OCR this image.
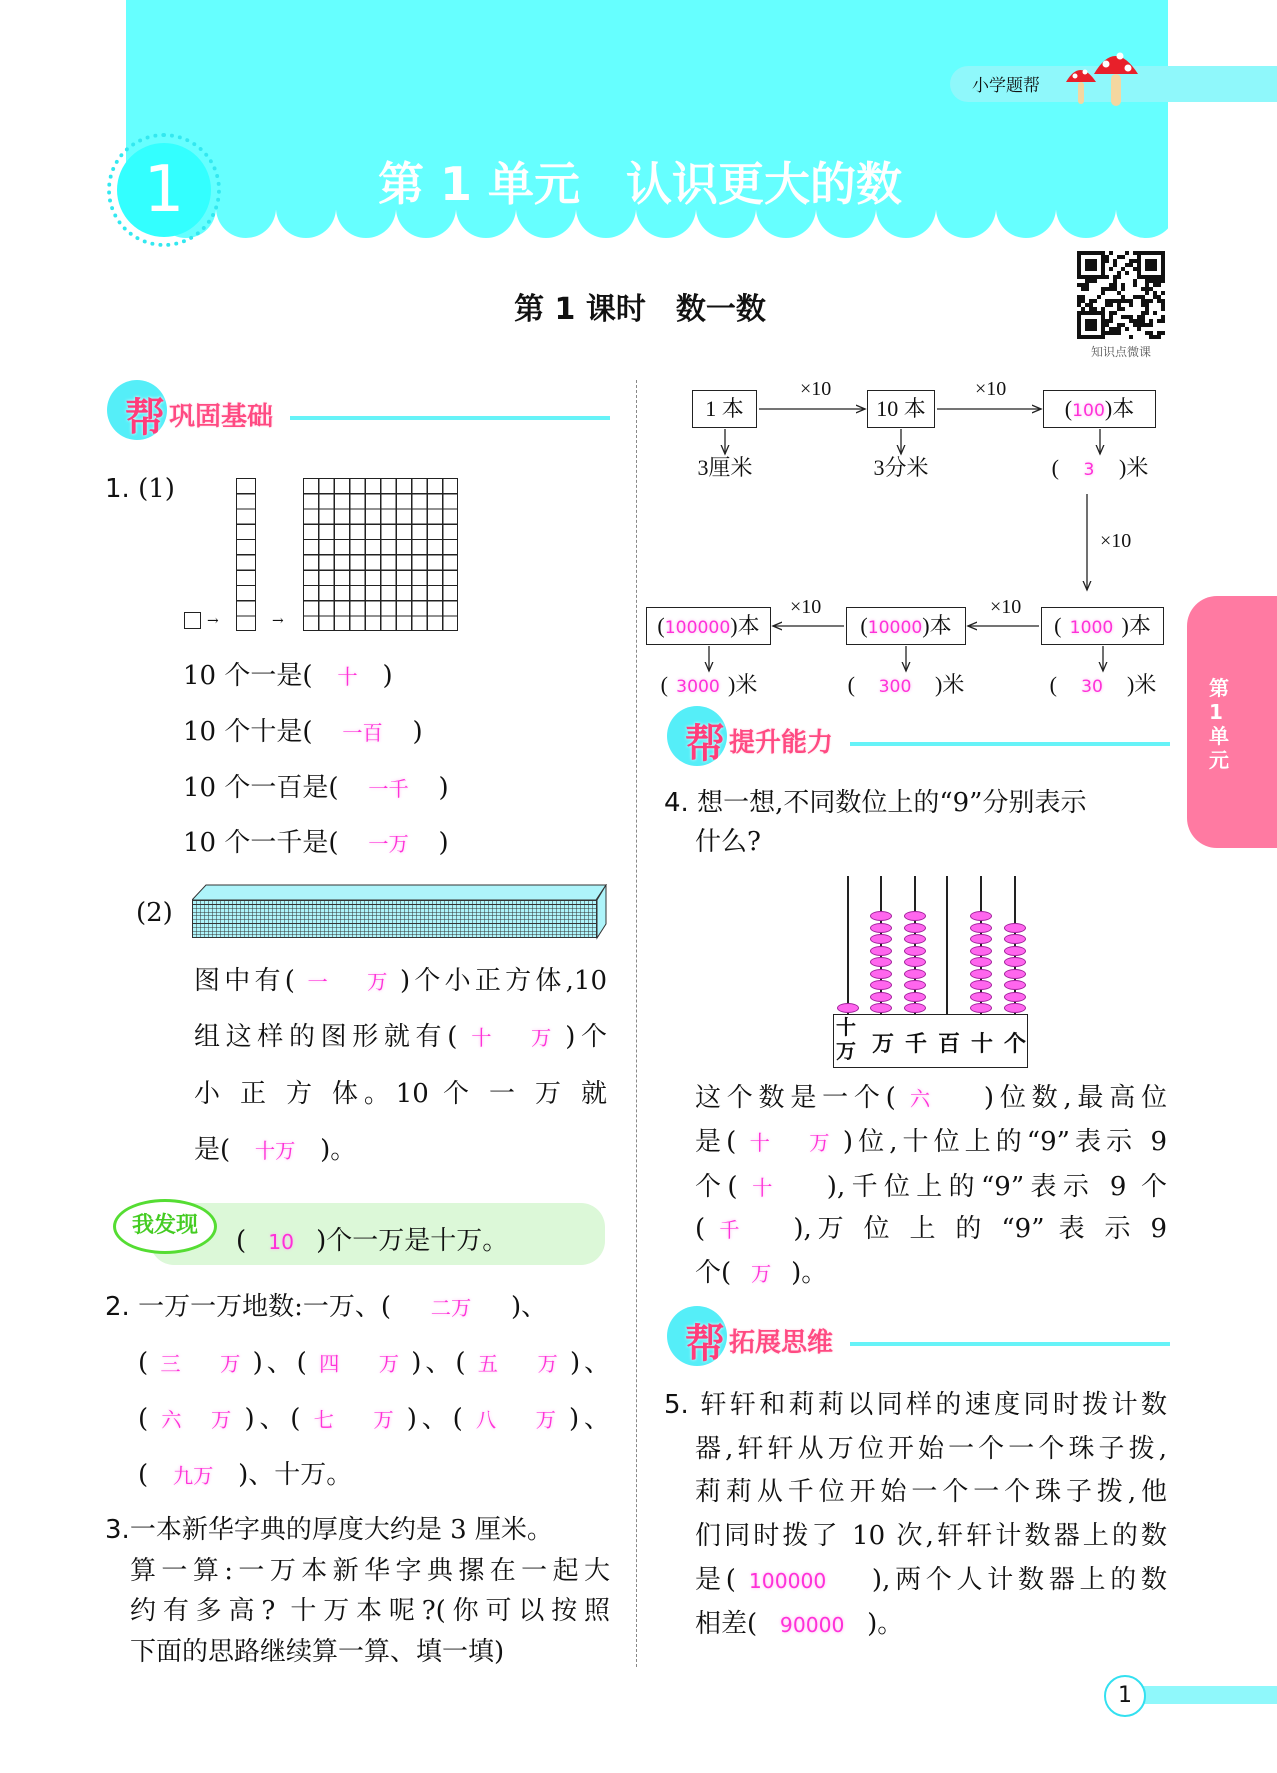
小学题帮
1	第 1 单元　认识更大的数
第 1 课时　数一数
知识点微课
第1单元
帮 巩固基础
1. (1)
→	→
10 个一是( 十 )
10 个十是( 一百 )
10 个一百是( 一千 )
10 个一千是( 一万 )
(2)
图中有( 一万 )个小正方体,10
组这样的图形就有( 十万 )个
小 正 方 体。10 个 一 万 就
是( 十万 )。
我发现
( 10 )个一万是十万。
2. 一万一万地数:一万、( 二万 )、
( 三万 )、( 四万 )、( 五万 )、
( 六万 )、( 七万 )、( 八万 )、
( 九万 )、十万。
3.一本新华字典的厚度大约是 3 厘米。
算一算:一万本新华字典摞在一起大
约有多高? 十万本呢?(你可以按照
下面的思路继续算一算、填一填)
×10	×10
×10
×10
×10
1 本	10 本	(100)本
3厘米	3分米	( 3 )米
(100000)本	(10000)本	( 1000 )本
( 3000 )米	( 300 )米	( 30 )米
帮 提升能力
4. 想一想,不同数位上的“9”分别表示
什么?
十万 万 千 百 十 个
这个数是一个( 六 )位数,最高位
是( 十万 )位,十位上的“9”表示 9
个( 十 ),千位上的“9”表示 9 个
( 千 ),万 位 上 的 “9” 表 示 9
个( 万 )。
帮 拓展思维
5. 轩轩和莉莉以同样的速度同时拨计数
器,轩轩从万位开始一个一个珠子拨,
莉莉从千位开始一个一个珠子拨,他
们同时拨了 10 次,轩轩计数器上的数
是( 100000 ),两个人计数器上的数
相差( 90000 )。
1
